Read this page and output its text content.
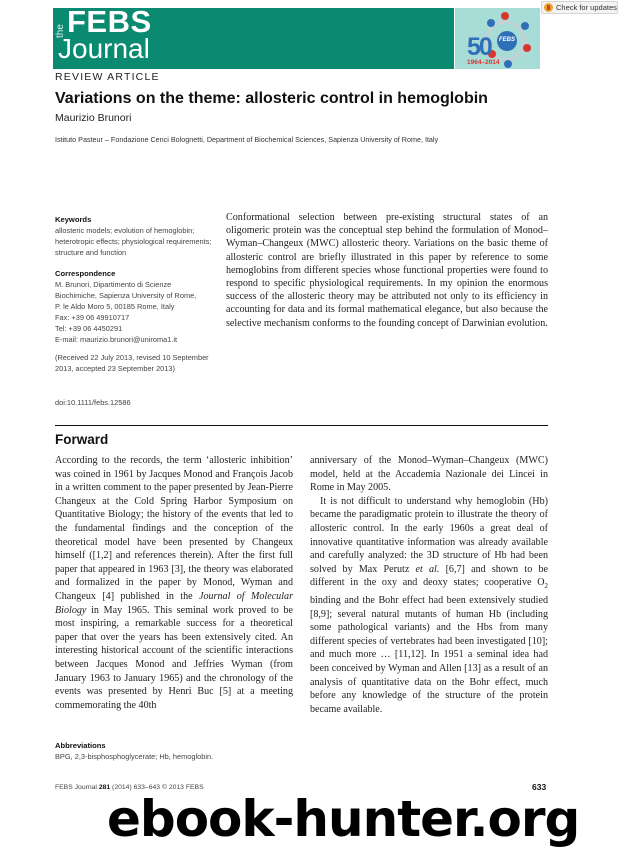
the FEBS
Journal	FEBS
50
1964–2014
Check for updates
REVIEW ARTICLE
Variations on the theme: allosteric control in hemoglobin
Maurizio Brunori
Istituto Pasteur – Fondazione Cenci Bolognetti, Department of Biochemical Sciences, Sapienza University of Rome, Italy
Keywords

allosteric models; evolution of hemoglobin; heterotropic effects; physiological requirements; structure and function

Correspondence

M. Brunori, Dipartimento di Scienze

Biochimiche, Sapienza University of Rome,

P. le Aldo Moro 5, 00185 Rome, Italy

Fax: +39 06 49910717

Tel: +39 06 4450291

E-mail: maurizio.brunori@uniroma1.it

(Received 22 July 2013, revised 10 September 2013, accepted 23 September 2013)

doi:10.1111/febs.12586

Conformational selection between pre-existing structural states of an oligomeric protein was the conceptual step behind the formulation of Monod–Wyman–Changeux (MWC) allosteric theory. Variations on the basic theme of allosteric control are briefly illustrated in this paper by reference to some hemoglobins from different species whose functional properties were found to respond to specific physiological requirements. In my opinion the enormous success of the allosteric theory may be attributed not only to its efficiency in accounting for data and its formal mathematical elegance, but also because the selective mechanism conforms to the founding concept of Darwinian evolution.
Forward

According to the records, the term ‘allosteric inhibition’ was coined in 1961 by Jacques Monod and François Jacob in a written comment to the paper presented by Jean-Pierre Changeux at the Cold Spring Harbor Symposium on Quantitative Biology; the history of the events that led to the fundamental findings and the conception of the theoretical model have been presented by Changeux himself ([1,2] and references therein). After the first full paper that appeared in 1963 [3], the theory was elaborated and formalized in the paper by Monod, Wyman and Changeux [4] published in the Journal of Molecular Biology in May 1965. This seminal work proved to be most inspiring, a remarkable success for a theoretical paper that over the years has been extensively cited. An interesting historical account of the scientific interactions between Jacques Monod and Jeffries Wyman (from January 1963 to January 1965) and the chronology of the events was presented by Henri Buc [5] at a meeting commemorating the 40th

anniversary of the Monod–Wyman–Changeux (MWC) model, held at the Accademia Nazionale dei Lincei in Rome in May 2005.

It is not difficult to understand why hemoglobin (Hb) became the paradigmatic protein to illustrate the theory of allosteric control. In the early 1960s a great deal of innovative quantitative information was already available and carefully analyzed: the 3D structure of Hb had been solved by Max Perutz et al. [6,7] and shown to be different in the oxy and deoxy states; cooperative $O_2$ binding and the Bohr effect had been extensively studied [8,9]; several natural mutants of human Hb (including some pathological variants) and the Hbs from many different species of vertebrates had been investigated [10]; and much more … [11,12]. In 1951 a seminal idea had been conceived by Wyman and Allen [13] as a result of an analysis of quantitative data on the Bohr effect, much before any knowledge of the structure of the protein became available.

Abbreviations
BPG, 2,3-bisphosphoglycerate; Hb, hemoglobin.
FEBS Journal 281 (2014) 633–643 © 2013 FEBS	633
ebook-hunter.org
